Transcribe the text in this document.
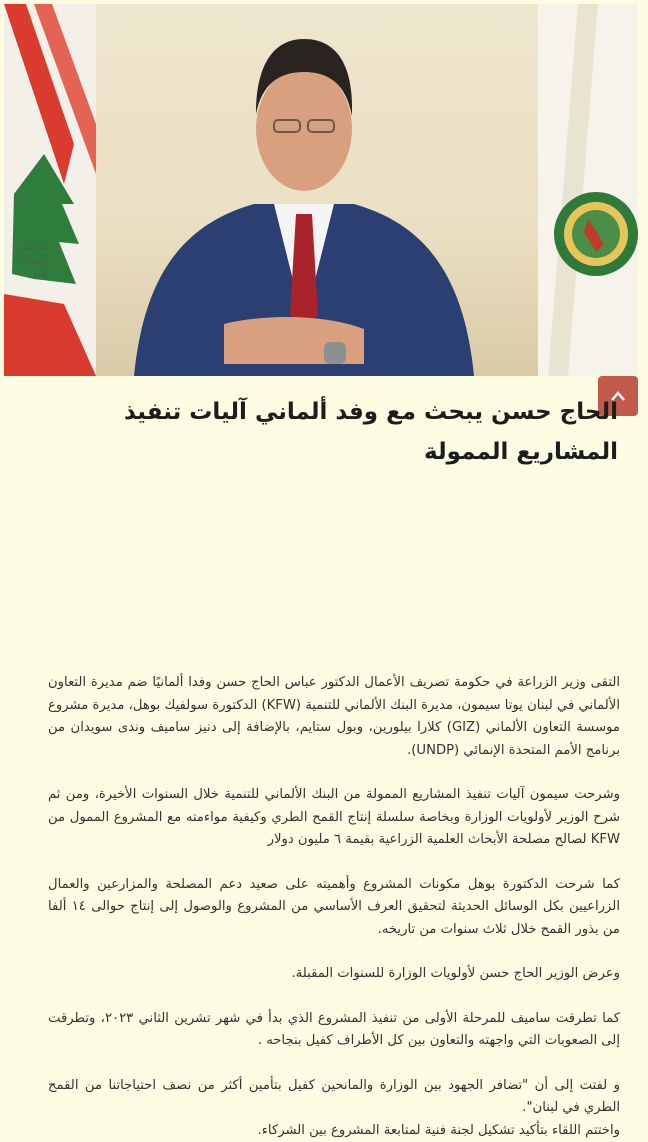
مرسل المعاد في
الحاج حسن يبحث مع وفد ألماني آليات تنفيذ المشاريع الممولة

التقى وزير الزراعة في حكومة تصريف الأعمال الدكتور عباس الحاج حسن وفدا ألمانيًا ضم مديرة التعاون الألماني في لبنان يوتا سيمون، مديرة البنك الألماني للتنمية (KFW) الدكتورة سولفيك بوهل، مديرة مشروع موسسة التعاون الألماني (GIZ) كلارا بيلورين، وبول ستايم، بالإضافة إلى دنيز ساميف وندى سويدان من برنامج الأمم المتحدة الإنمائي (UNDP).

وشرحت سيمون آليات تنفيذ المشاريع الممولة من البنك الألماني للتنمية خلال السنوات الأخيرة، ومن ثم شرح الوزير لأولويات الوزارة وبخاصة سلسلة إنتاج القمح الطري وكيفية مواءمته مع المشروع الممول من KFW لصالح مصلحة الأبحاث العلمية الزراعية بقيمة ٦ مليون دولار

كما شرحت الدكتورة بوهل مكونات المشروع وأهميته على صعيد دعم المصلحة والمزارعين والعمال الزراعيين بكل الوسائل الحديثة لتحقيق العرف الأساسي من المشروع والوصول إلى إنتاج حوالى ١٤ ألفا من بذور القمح خلال ثلاث سنوات من تاريخه.

وعرض الوزير الحاج حسن لأولويات الوزارة للسنوات المقبلة.

كما تطرقت ساميف للمرحلة الأولى من تنفيذ المشروع الذي بدأ في شهر تشرين الثاني ٢٠٢٣، وتطرقت إلى الصعوبات التي واجهته والتعاون بين كل الأطراف كفيل بنجاحه .

و لفتت إلى أن "تضافر الجهود بين الوزارة والمانحين كفيل بتأمين أكثر من نصف احتياجاتنا من القمح الطري في لبنان".

واختتم اللقاء بتأكيد تشكيل لجنة فنية لمتابعة المشروع بين الشركاء.
